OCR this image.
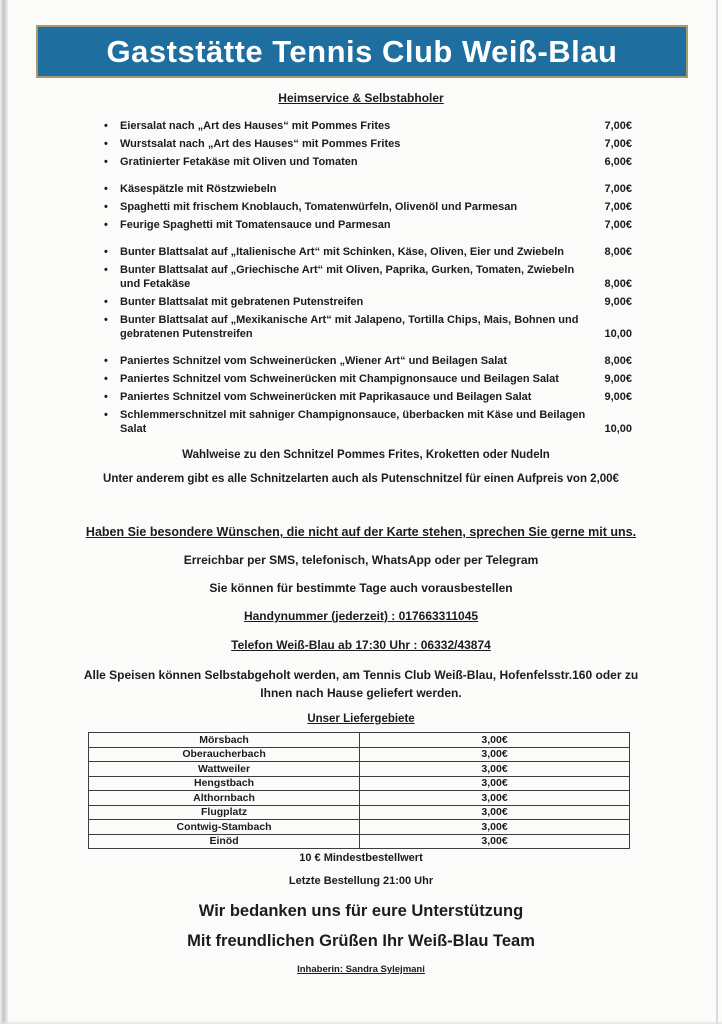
Gaststätte Tennis Club Weiß-Blau
Heimservice & Selbstabholer
•	Eiersalat nach „Art des Hauses“ mit Pommes Frites	7,00€
•	Wurstsalat nach „Art des Hauses“ mit Pommes Frites	7,00€
•	Gratinierter Fetakäse mit Oliven und Tomaten	6,00€
•	Käsespätzle mit Röstzwiebeln	7,00€
•	Spaghetti mit frischem Knoblauch, Tomatenwürfeln, Olivenöl und Parmesan	7,00€
•	Feurige Spaghetti mit Tomatensauce und Parmesan	7,00€
•	Bunter Blattsalat auf „Italienische Art“ mit Schinken, Käse, Oliven, Eier und Zwiebeln	8,00€
•	Bunter Blattsalat auf „Griechische Art“ mit Oliven, Paprika, Gurken, Tomaten, Zwiebeln und Fetakäse	8,00€
•	Bunter Blattsalat mit gebratenen Putenstreifen	9,00€
•	Bunter Blattsalat auf „Mexikanische Art“ mit Jalapeno, Tortilla Chips, Mais, Bohnen und gebratenen Putenstreifen	10,00
•	Paniertes Schnitzel vom Schweinerücken „Wiener Art“ und Beilagen Salat	8,00€
•	Paniertes Schnitzel vom Schweinerücken mit Champignonsauce und Beilagen Salat	9,00€
•	Paniertes Schnitzel vom Schweinerücken mit Paprikasauce und Beilagen Salat	9,00€
•	Schlemmerschnitzel mit sahniger Champignonsauce, überbacken mit Käse und Beilagen Salat	10,00
Wahlweise zu den Schnitzel Pommes Frites, Kroketten oder Nudeln
Unter anderem gibt es alle Schnitzelarten auch als Putenschnitzel für einen Aufpreis von 2,00€
Haben Sie besondere Wünschen, die nicht auf der Karte stehen, sprechen Sie gerne mit uns.
Erreichbar per SMS, telefonisch, WhatsApp oder per Telegram
Sie können für bestimmte Tage auch vorausbestellen
Handynummer (jederzeit) : 017663311045
Telefon Weiß-Blau ab 17:30 Uhr : 06332/43874
Alle Speisen können Selbstabgeholt werden, am Tennis Club Weiß-Blau, Hofenfelsstr.160 oder zu Ihnen nach Hause geliefert werden.
Unser Liefergebiete
Mörsbach	3,00€
Oberaucherbach	3,00€
Wattweiler	3,00€
Hengstbach	3,00€
Althornbach	3,00€
Flugplatz	3,00€
Contwig-Stambach	3,00€
Einöd	3,00€
10 € Mindestbestellwert
Letzte Bestellung 21:00 Uhr
Wir bedanken uns für eure Unterstützung
Mit freundlichen Grüßen Ihr Weiß-Blau Team
Inhaberin: Sandra Sylejmani
